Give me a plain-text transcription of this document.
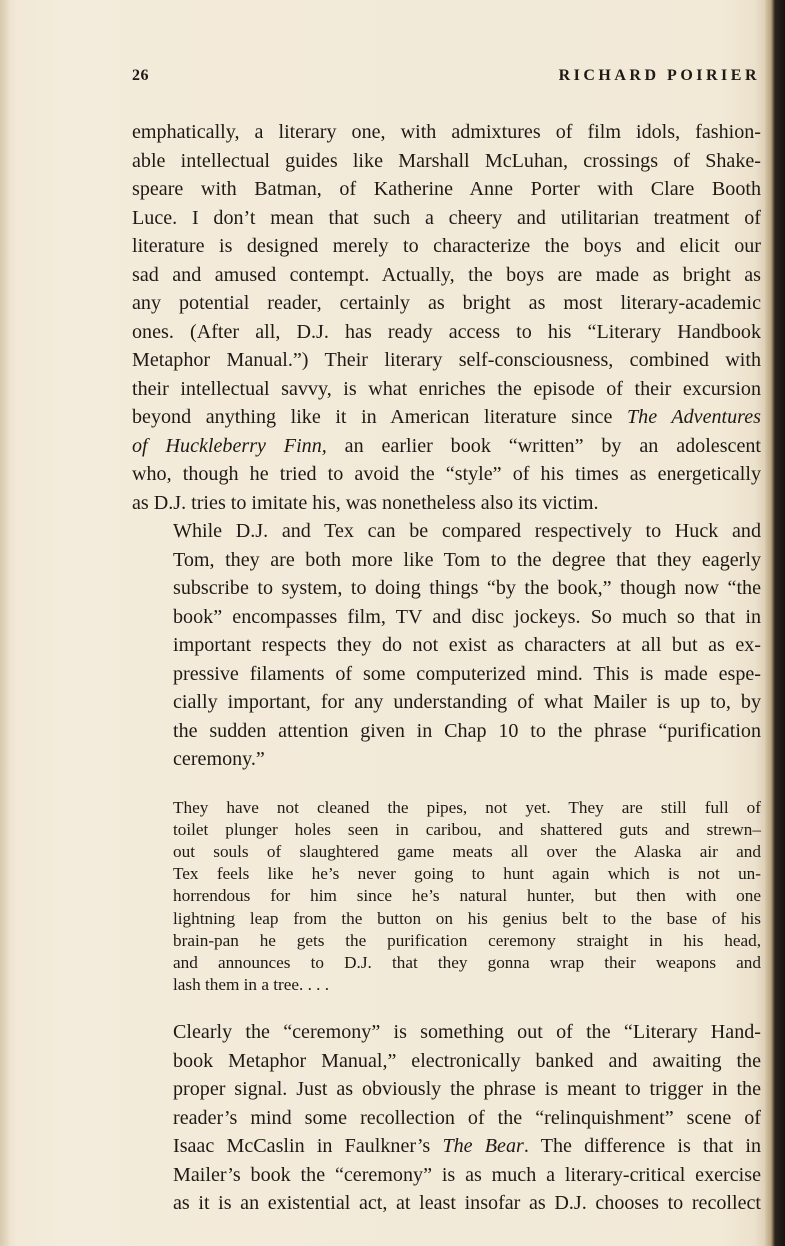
26	RICHARD POIRIER

emphatically, a literary one, with admixtures of film idols, fashion-
able intellectual guides like Marshall McLuhan, crossings of Shake-
speare with Batman, of Katherine Anne Porter with Clare Booth
Luce. I don’t mean that such a cheery and utilitarian treatment of
literature is designed merely to characterize the boys and elicit our
sad and amused contempt. Actually, the boys are made as bright as
any potential reader, certainly as bright as most literary-academic
ones. (After all, D.J. has ready access to his “Literary Handbook
Metaphor Manual.”) Their literary self-consciousness, combined with
their intellectual savvy, is what enriches the episode of their excursion
beyond anything like it in American literature since The Adventures
of Huckleberry Finn, an earlier book “written” by an adolescent
who, though he tried to avoid the “style” of his times as energetically
as D.J. tries to imitate his, was nonetheless also its victim.

While D.J. and Tex can be compared respectively to Huck and
Tom, they are both more like Tom to the degree that they eagerly
subscribe to system, to doing things “by the book,” though now “the
book” encompasses film, TV and disc jockeys. So much so that in
important respects they do not exist as characters at all but as ex-
pressive filaments of some computerized mind. This is made espe-
cially important, for any understanding of what Mailer is up to, by
the sudden attention given in Chap 10 to the phrase “purification
ceremony.”

They have not cleaned the pipes, not yet. They are still full of
toilet plunger holes seen in caribou, and shattered guts and strewn–
out souls of slaughtered game meats all over the Alaska air and
Tex feels like he’s never going to hunt again which is not un-
horrendous for him since he’s natural hunter, but then with one
lightning leap from the button on his genius belt to the base of his
brain-pan he gets the purification ceremony straight in his head,
and announces to D.J. that they gonna wrap their weapons and
lash them in a tree. . . .

Clearly the “ceremony” is something out of the “Literary Hand-
book Metaphor Manual,” electronically banked and awaiting the
proper signal. Just as obviously the phrase is meant to trigger in the
reader’s mind some recollection of the “relinquishment” scene of
Isaac McCaslin in Faulkner’s The Bear. The difference is that in
Mailer’s book the “ceremony” is as much a literary-critical exercise
as it is an existential act, at least insofar as D.J. chooses to recollect
